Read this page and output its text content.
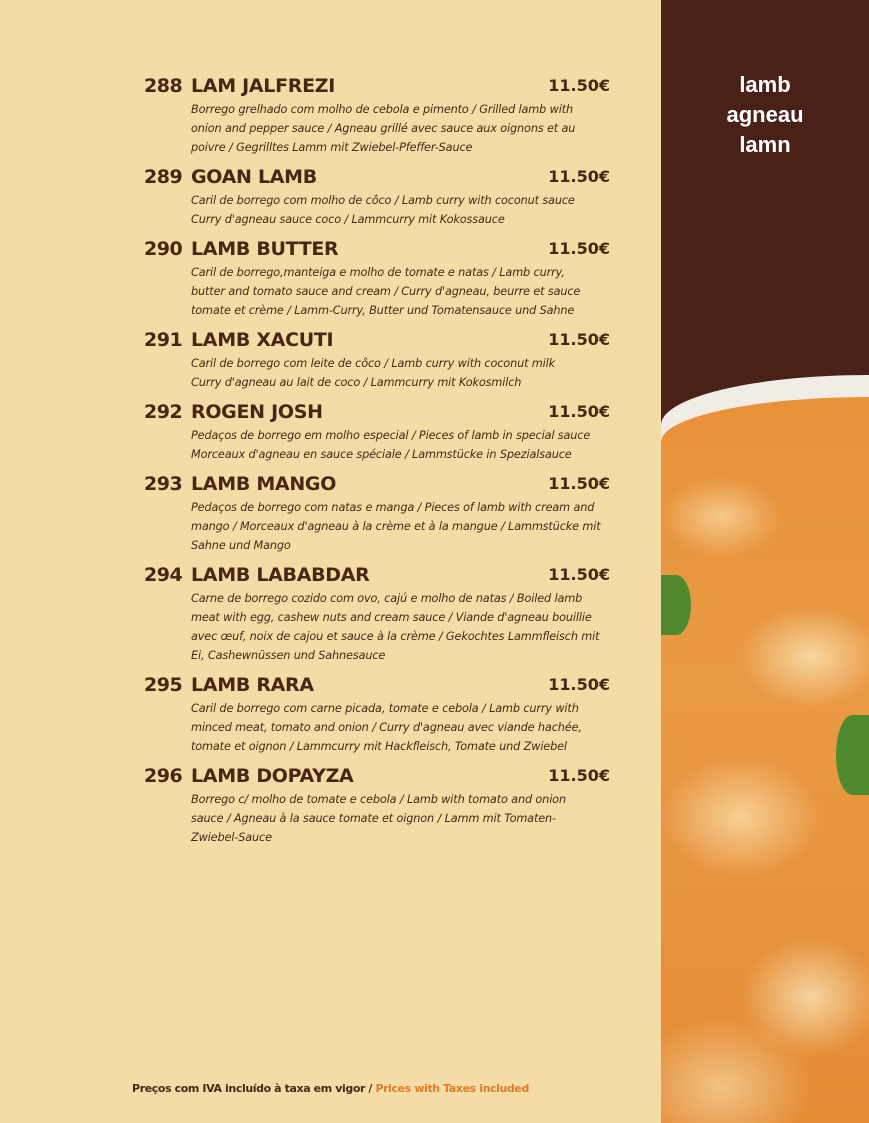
288 LAM JALFREZI	11.50€
Borrego grelhado com molho de cebola e pimento / Grilled lamb with
onion and pepper sauce / Agneau grillé avec sauce aux oignons et au
poivre / Gegrilltes Lamm mit Zwiebel-Pfeffer-Sauce
289 GOAN LAMB	11.50€
Caril de borrego com molho de côco / Lamb curry with coconut sauce
Curry d'agneau sauce coco / Lammcurry mit Kokossauce
290 LAMB BUTTER	11.50€
Caril de borrego,manteiga e molho de tomate e natas / Lamb curry,
butter and tomato sauce and cream / Curry d'agneau, beurre et sauce
tomate et crème / Lamm-Curry, Butter und Tomatensauce und Sahne
291 LAMB XACUTI	11.50€
Caril de borrego com leite de côco / Lamb curry with coconut milk
Curry d'agneau au lait de coco / Lammcurry mit Kokosmilch
292 ROGEN JOSH	11.50€
Pedaços de borrego em molho especial / Pieces of lamb in special sauce
Morceaux d'agneau en sauce spéciale / Lammstücke in Spezialsauce
293 LAMB MANGO	11.50€
Pedaços de borrego com natas e manga / Pieces of lamb with cream and
mango / Morceaux d'agneau à la crème et à la mangue / Lammstücke mit
Sahne und Mango
294 LAMB LABABDAR	11.50€
Carne de borrego cozido com ovo, cajú e molho de natas / Boiled lamb
meat with egg, cashew nuts and cream sauce / Viande d'agneau bouillie
avec œuf, noix de cajou et sauce à la crème / Gekochtes Lammfleisch mit
Ei, Cashewnüssen und Sahnesauce
295 LAMB RARA	11.50€
Caril de borrego com carne picada, tomate e cebola / Lamb curry with
minced meat, tomato and onion / Curry d'agneau avec viande hachée,
tomate et oignon / Lammcurry mit Hackfleisch, Tomate und Zwiebel
296 LAMB DOPAYZA	11.50€
Borrego c/ molho de tomate e cebola / Lamb with tomato and onion
sauce / Agneau à la sauce tomate et oignon / Lamm mit Tomaten-
Zwiebel-Sauce
lamb
agneau
lamn
Preços com IVA incluído à taxa em vigor / Prices with Taxes included
